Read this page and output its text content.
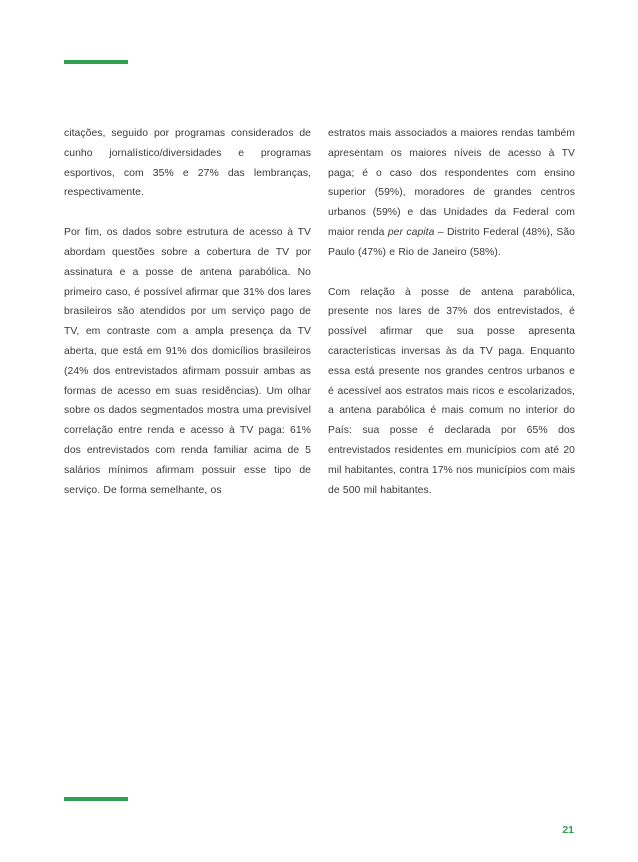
citações, seguido por programas considerados de cunho jornalístico/diversidades e programas esportivos, com 35% e 27% das lembranças, respectivamente.

Por fim, os dados sobre estrutura de acesso à TV abordam questões sobre a cobertura de TV por assinatura e a posse de antena parabólica. No primeiro caso, é possível afirmar que 31% dos lares brasileiros são atendidos por um serviço pago de TV, em contraste com a ampla presença da TV aberta, que está em 91% dos domicílios brasileiros (24% dos entrevistados afirmam possuir ambas as formas de acesso em suas residências). Um olhar sobre os dados segmentados mostra uma previsível correlação entre renda e acesso à TV paga: 61% dos entrevistados com renda familiar acima de 5 salários mínimos afirmam possuir esse tipo de serviço. De forma semelhante, os

estratos mais associados a maiores rendas também apresentam os maiores níveis de acesso à TV paga; é o caso dos respondentes com ensino superior (59%), moradores de grandes centros urbanos (59%) e das Unidades da Federal com maior renda per capita – Distrito Federal (48%), São Paulo (47%) e Rio de Janeiro (58%).

Com relação à posse de antena parabólica, presente nos lares de 37% dos entrevistados, é possível afirmar que sua posse apresenta características inversas às da TV paga. Enquanto essa está presente nos grandes centros urbanos e é acessível aos estratos mais ricos e escolarizados, a antena parabólica é mais comum no interior do País: sua posse é declarada por 65% dos entrevistados residentes em municípios com até 20 mil habitantes, contra 17% nos municípios com mais de 500 mil habitantes.

21
